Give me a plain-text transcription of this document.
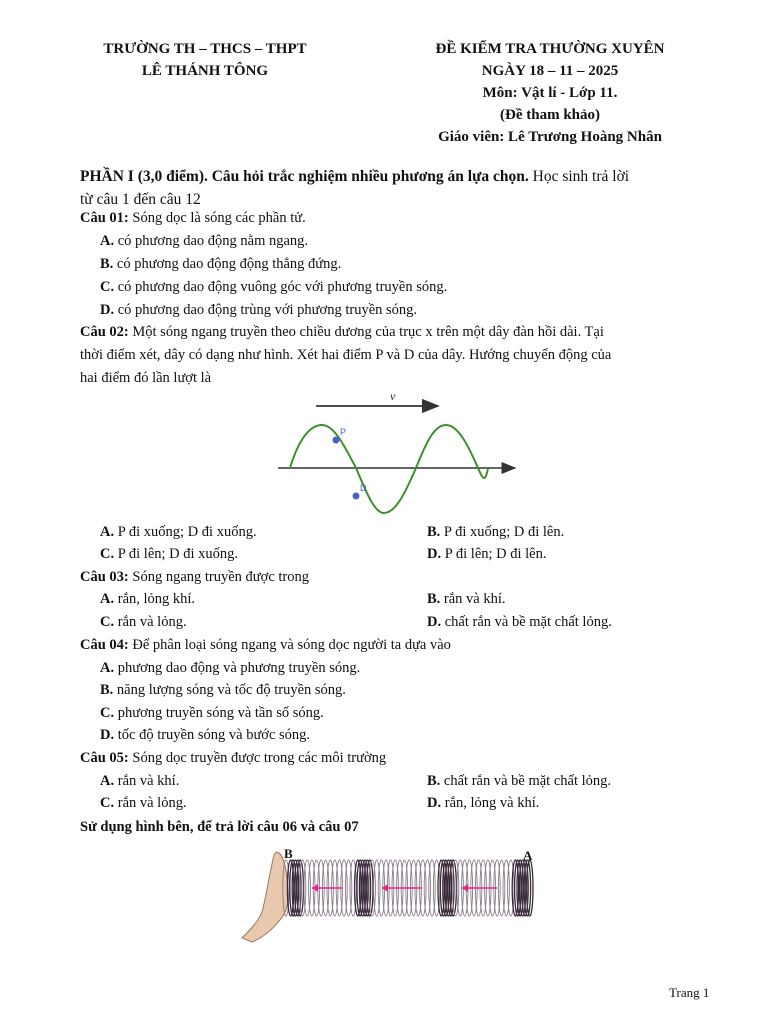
TRƯỜNG TH – THCS – THPT
LÊ THÁNH TÔNG
ĐỀ KIỂM TRA THƯỜNG XUYÊN
NGÀY 18 – 11 – 2025
Môn: Vật lí - Lớp 11.
(Đề tham khảo)
Giáo viên: Lê Trương Hoàng Nhân
PHẦN I (3,0 điểm). Câu hỏi trắc nghiệm nhiều phương án lựa chọn. Học sinh trả lời
từ câu 1 đến câu 12
Câu 01: Sóng dọc là sóng các phần tử.
A. có phương dao động nằm ngang.
B. có phương dao động động thẳng đứng.
C. có phương dao động vuông góc với phương truyền sóng.
D. có phương dao động trùng với phương truyền sóng.
Câu 02: Một sóng ngang truyền theo chiều dương của trục x trên một dây đàn hồi dài. Tại
thời điểm xét, dây có dạng như hình. Xét hai điểm P và D của dây. Hướng chuyển động của
hai điểm đó lần lượt là
v⃗
P
D
A. P đi xuống; D đi xuống.	B. P đi xuống; D đi lên.
C. P đi lên; D đi xuống.	D. P đi lên; D đi lên.
Câu 03: Sóng ngang truyền được trong
A. rắn, lỏng khí.	B. rắn và khí.
C. rắn và lỏng.	D. chất rắn và bề mặt chất lỏng.
Câu 04: Để phân loại sóng ngang và sóng dọc người ta dựa vào
A. phương dao động và phương truyền sóng.
B. năng lượng sóng và tốc độ truyền sóng.
C. phương truyền sóng và tần số sóng.
D. tốc độ truyền sóng và bước sóng.
Câu 05: Sóng dọc truyền được trong các môi trường
A. rắn và khí.	B. chất rắn và bề mặt chất lỏng.
C. rắn và lỏng.	D. rắn, lỏng và khí.
Sử dụng hình bên, để trả lời câu 06 và câu 07
B	A
Trang 1
